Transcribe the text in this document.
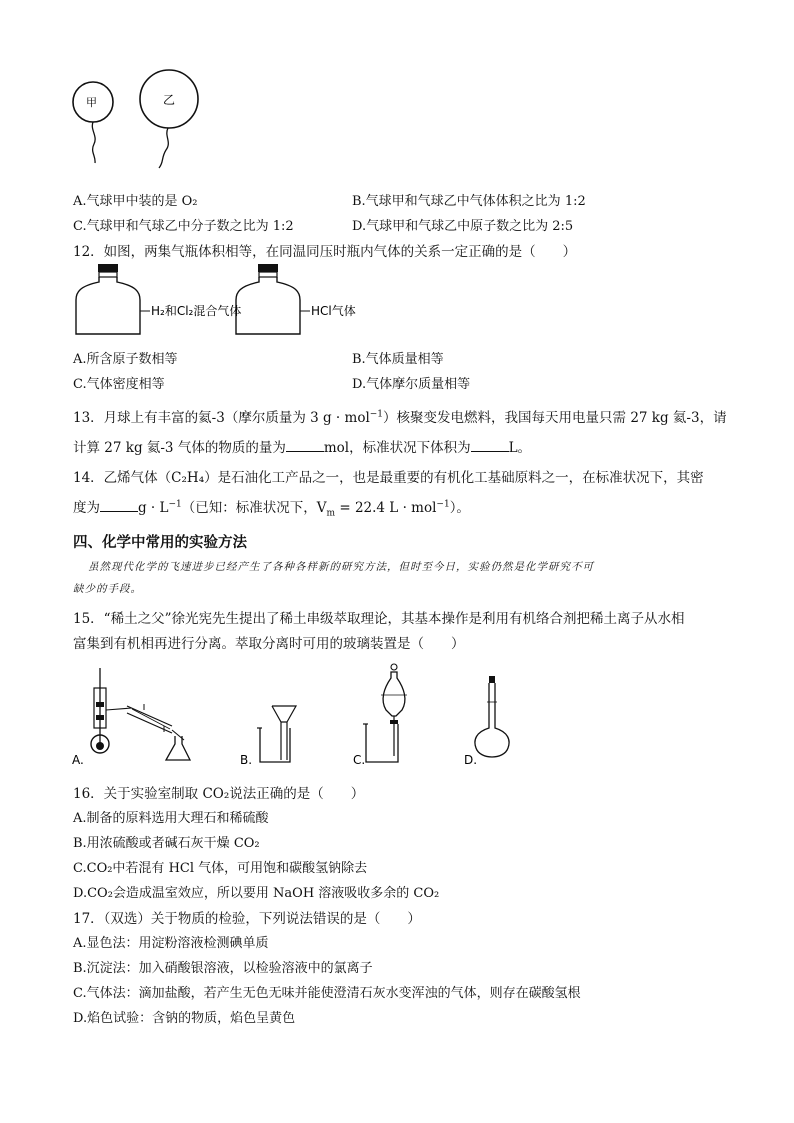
甲	乙
A.气球甲中装的是 O₂	B.气球甲和气球乙中气体体积之比为 1:2
C.气球甲和气球乙中分子数之比为 1:2	D.气球甲和气球乙中原子数之比为 2:5
12．如图，两集气瓶体积相等，在同温同压时瓶内气体的关系一定正确的是（　　）
H₂和Cl₂混合气体	HCl气体
A.所含原子数相等	B.气体质量相等
C.气体密度相等	D.气体摩尔质量相等
13．月球上有丰富的氦-3（摩尔质量为 3 g · mol$^{-1}$）核聚变发电燃料，我国每天用电量只需 27 kg 氦-3，请
计算 27 kg 氦-3 气体的物质的量为	mol，标准状况下体积为	L。
14．乙烯气体（C₂H₄）是石油化工产品之一，也是最重要的有机化工基础原料之一，在标准状况下，其密
度为	$g \cdot L^{-1}$（已知：标准状况下，$V_m = 22.4$ L · mol$^{-1}$）。
四、化学中常用的实验方法
虽然现代化学的飞速进步已经产生了各种各样新的研究方法，但时至今日，实验仍然是化学研究不可
缺少的手段。
15．“稀土之父”徐光宪先生提出了稀土串级萃取理论，其基本操作是利用有机络合剂把稀土离子从水相
富集到有机相再进行分离。萃取分离时可用的玻璃装置是（　　）
A.	B.	C.	D.
16．关于实验室制取 CO₂说法正确的是（　　）
A.制备的原料选用大理石和稀硫酸
B.用浓硫酸或者碱石灰干燥 CO₂
C.CO₂中若混有 HCl 气体，可用饱和碳酸氢钠除去
D.CO₂会造成温室效应，所以要用 NaOH 溶液吸收多余的 CO₂
17．（双选）关于物质的检验，下列说法错误的是（　　）
A.显色法：用淀粉溶液检测碘单质
B.沉淀法：加入硝酸银溶液，以检验溶液中的氯离子
C.气体法：滴加盐酸，若产生无色无味并能使澄清石灰水变浑浊的气体，则存在碳酸氢根
D.焰色试验：含钠的物质，焰色呈黄色
